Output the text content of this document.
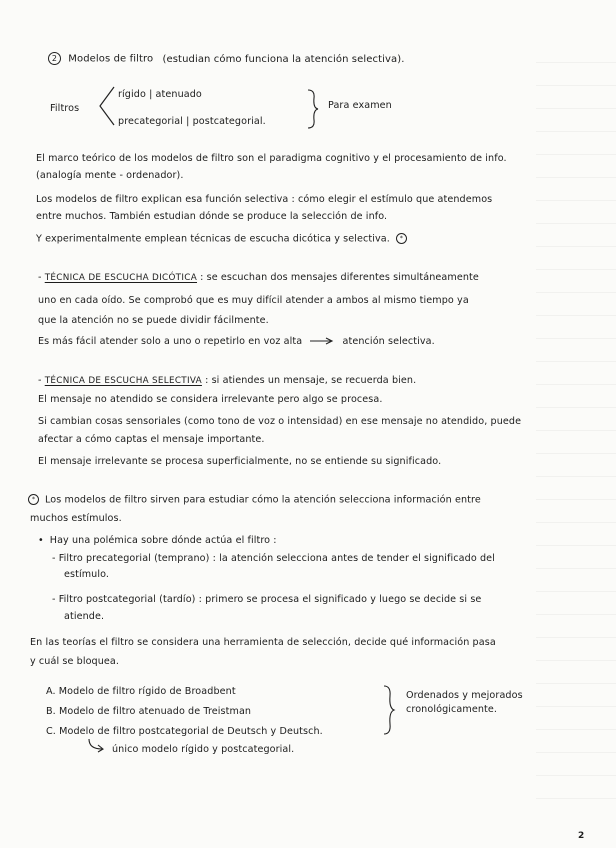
2 Modelos de filtro (estudian cómo funciona la atención selectiva).
Filtros
rígido | atenuado
precategorial | postcategorial.
Para examen
El marco teórico de los modelos de filtro son el paradigma cognitivo y el procesamiento de info.
(analogía mente - ordenador).
Los modelos de filtro explican esa función selectiva : cómo elegir el estímulo que atendemos
entre muchos. También estudian dónde se produce la selección de info.
Y experimentalmente emplean técnicas de escucha dicótica y selectiva. *
- TÉCNICA DE ESCUCHA DICÓTICA : se escuchan dos mensajes diferentes simultáneamente
uno en cada oído. Se comprobó que es muy difícil atender a ambos al mismo tiempo ya
que la atención no se puede dividir fácilmente.
Es más fácil atender solo a uno o repetirlo en voz alta	atención selectiva.
- TÉCNICA DE ESCUCHA SELECTIVA : si atiendes un mensaje, se recuerda bien.
El mensaje no atendido se considera irrelevante pero algo se procesa.
Si cambian cosas sensoriales (como tono de voz o intensidad) en ese mensaje no atendido, puede
afectar a cómo captas el mensaje importante.
El mensaje irrelevante se procesa superficialmente, no se entiende su significado.
* Los modelos de filtro sirven para estudiar cómo la atención selecciona información entre
muchos estímulos.
• Hay una polémica sobre dónde actúa el filtro :
- Filtro precategorial (temprano) : la atención selecciona antes de tender el significado del
estímulo.
- Filtro postcategorial (tardío) : primero se procesa el significado y luego se decide si se
atiende.
En las teorías el filtro se considera una herramienta de selección, decide qué información pasa
y cuál se bloquea.
A. Modelo de filtro rígido de Broadbent
B. Modelo de filtro atenuado de Treistman
C. Modelo de filtro postcategorial de Deutsch y Deutsch.
Ordenados y mejorados
cronológicamente.
único modelo rígido y postcategorial.
2
